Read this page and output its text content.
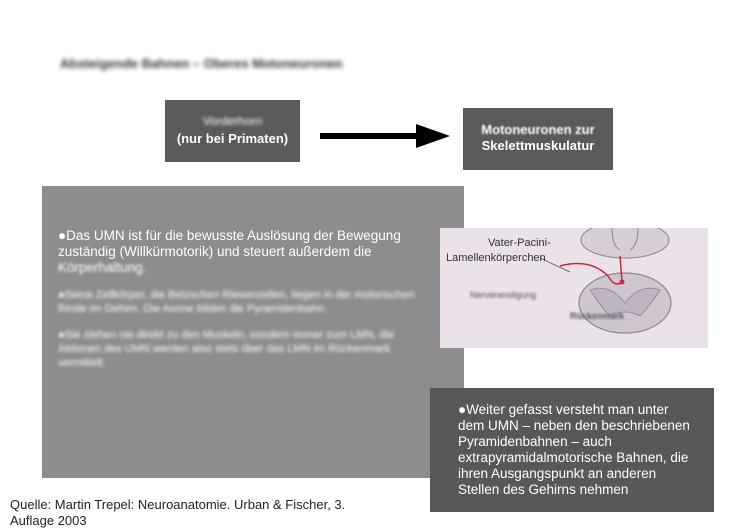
Absteigende Bahnen – Oberes Motoneuronen
Vorderhorn
(nur bei Primaten)
Motoneuronen zur
Skelettmuskulatur
●Das UMN ist für die bewusste Auslösung der Bewegung zuständig (Willkürmotorik) und steuert außerdem die Körperhaltung.
●Seine Zellkörper, die Betzschen Riesenzellen, liegen in der motorischen Rinde im Gehirn. Die Axone bilden die Pyramidenbahn.
●Sie ziehen nie direkt zu den Muskeln, sondern immer zum LMN, die Aktionen des UMN werden also stets über das LMN im Rückenmark vermittelt.
Vater-Pacini-
Lamellenkörperchen
Nervenendigung
Rückenmark
●Weiter gefasst versteht man unter dem UMN – neben den beschriebenen Pyramidenbahnen – auch extrapyramidalmotorische Bahnen, die ihren Ausgangspunkt an anderen Stellen des Gehirns nehmen
Quelle: Martin Trepel: Neuroanatomie. Urban & Fischer, 3. Auflage 2003
